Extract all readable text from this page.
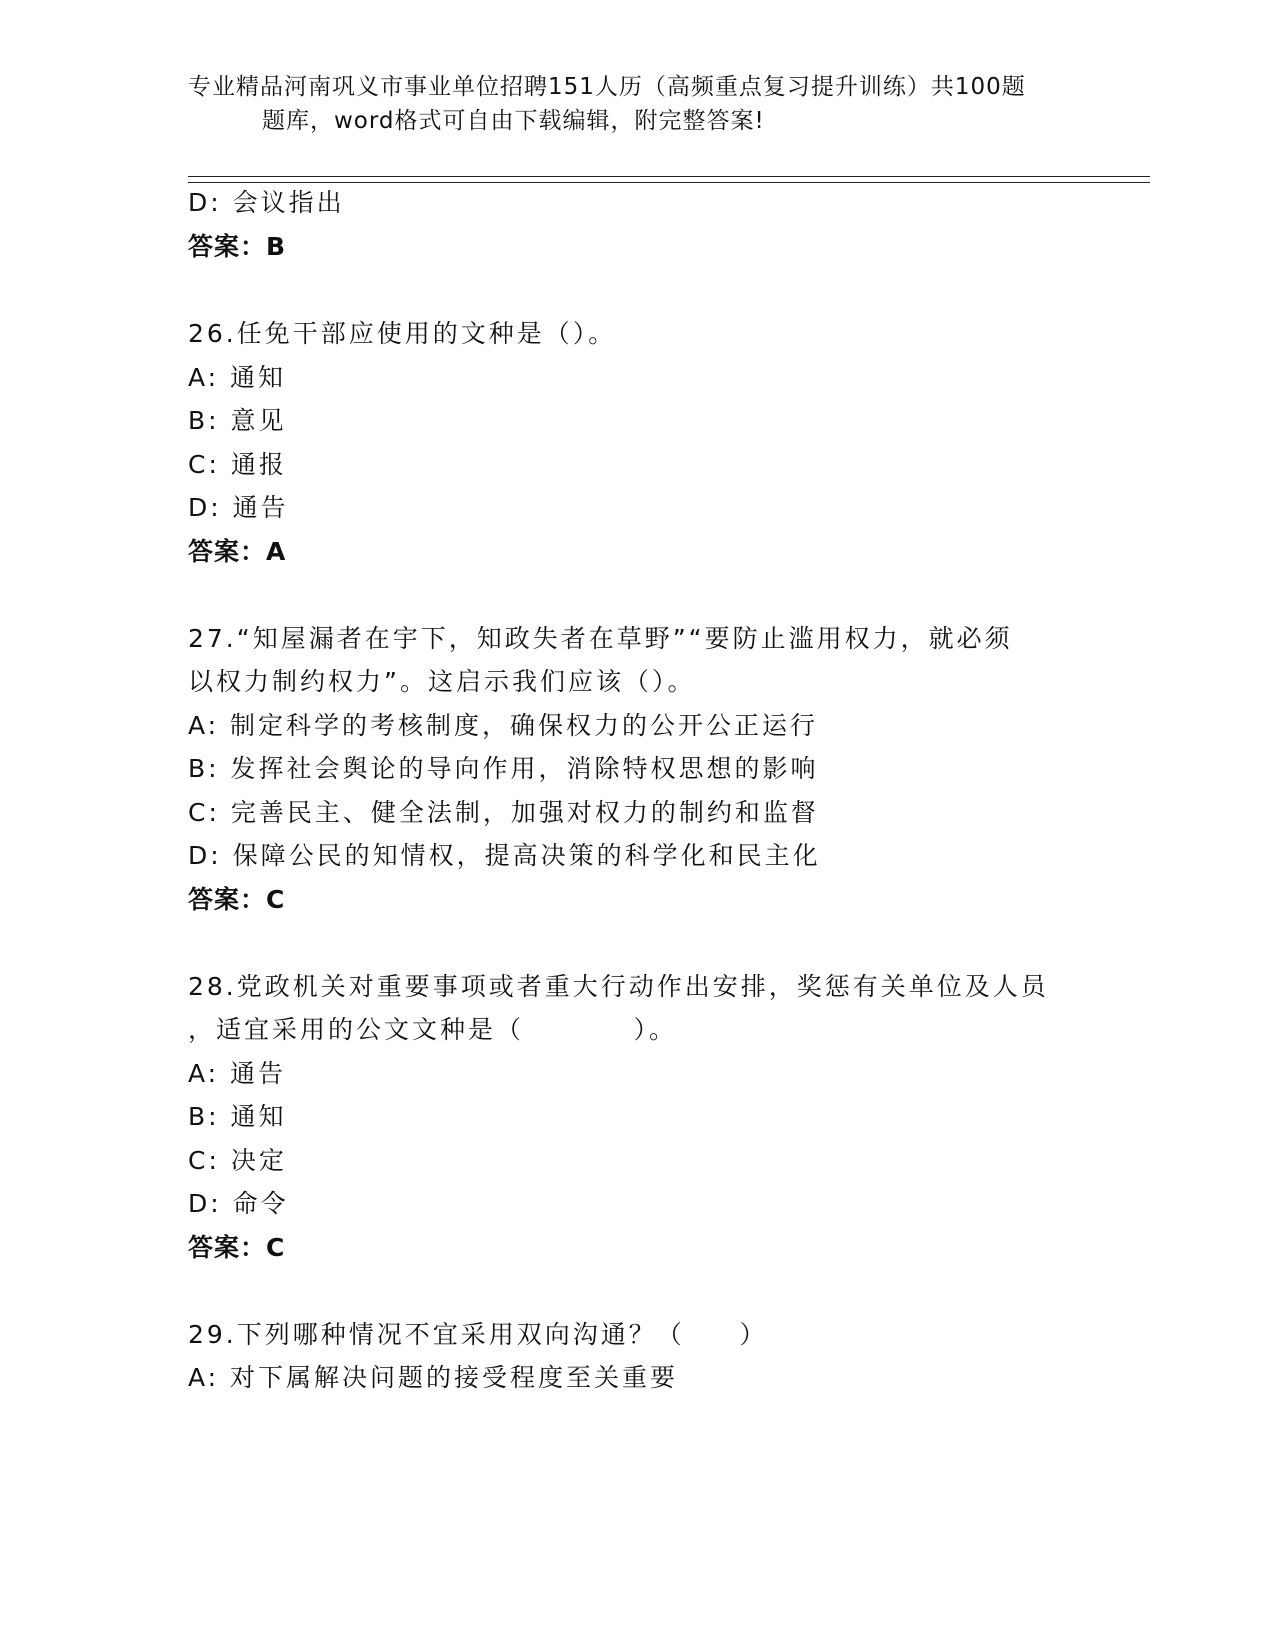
专业精品河南巩义市事业单位招聘151人历（高频重点复习提升训练）共100题
题库，word格式可自由下载编辑，附完整答案!
D: 会议指出
答案：B
26.任免干部应使用的文种是（）。
A: 通知
B: 意见
C: 通报
D: 通告
答案：A
27.“知屋漏者在宇下，知政失者在草野”“要防止滥用权力，就必须
以权力制约权力”。这启示我们应该（）。
A: 制定科学的考核制度，确保权力的公开公正运行
B: 发挥社会舆论的导向作用，消除特权思想的影响
C: 完善民主、健全法制，加强对权力的制约和监督
D: 保障公民的知情权，提高决策的科学化和民主化
答案：C
28.党政机关对重要事项或者重大行动作出安排，奖惩有关单位及人员
，适宜采用的公文文种是（          ）。
A: 通告
B: 通知
C: 决定
D: 命令
答案：C
29.下列哪种情况不宜采用双向沟通？（     ）
A: 对下属解决问题的接受程度至关重要
